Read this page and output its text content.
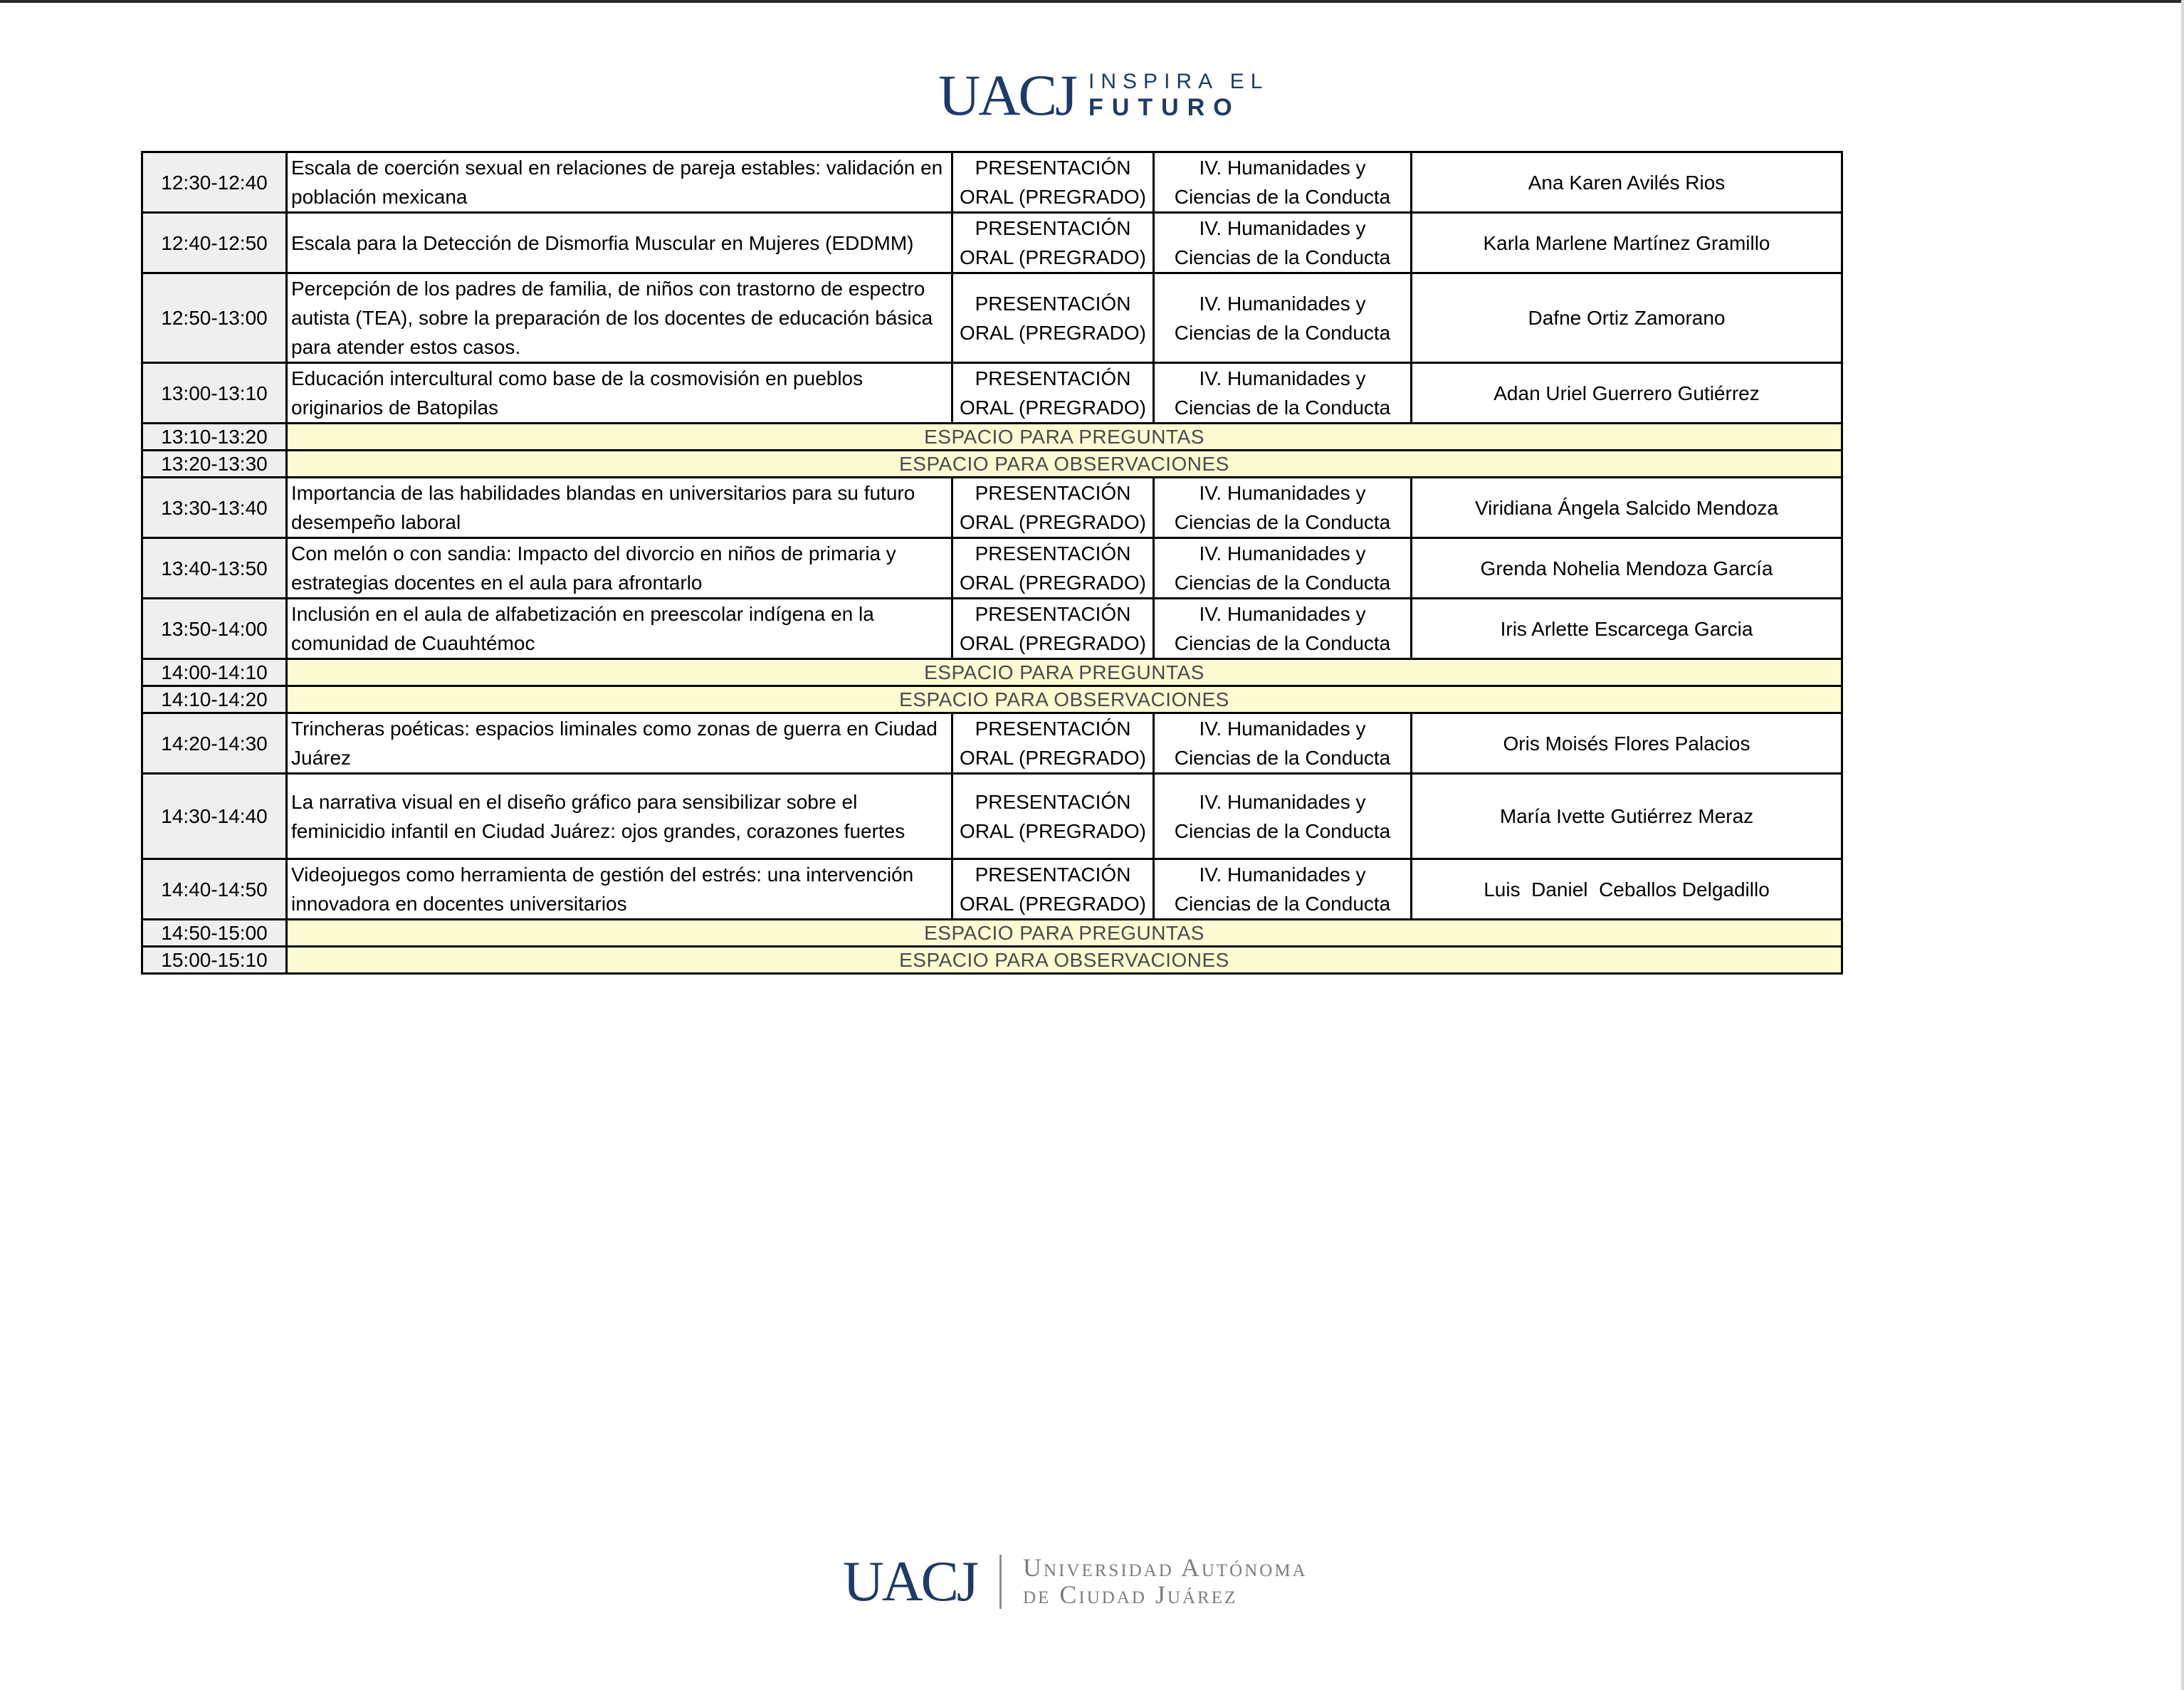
UACJ INSPIRA EL
FUTURO
12:30-12:40	Escala de coerción sexual en relaciones de pareja estables: validación en población mexicana	PRESENTACIÓN ORAL (PREGRADO)	IV. Humanidades y Ciencias de la Conducta	Ana Karen Avilés Rios
12:40-12:50	Escala para la Detección de Dismorfia Muscular en Mujeres (EDDMM)	PRESENTACIÓN ORAL (PREGRADO)	IV. Humanidades y Ciencias de la Conducta	Karla Marlene Martínez Gramillo
12:50-13:00	Percepción de los padres de familia, de niños con trastorno de espectro autista (TEA), sobre la preparación de los docentes de educación básica para atender estos casos.	PRESENTACIÓN ORAL (PREGRADO)	IV. Humanidades y Ciencias de la Conducta	Dafne Ortiz Zamorano
13:00-13:10	Educación intercultural como base de la cosmovisión en pueblos originarios de Batopilas	PRESENTACIÓN ORAL (PREGRADO)	IV. Humanidades y Ciencias de la Conducta	Adan Uriel Guerrero Gutiérrez
13:10-13:20	ESPACIO PARA PREGUNTAS			
13:20-13:30	ESPACIO PARA OBSERVACIONES			
13:30-13:40	Importancia de las habilidades blandas en universitarios para su futuro desempeño laboral	PRESENTACIÓN ORAL (PREGRADO)	IV. Humanidades y Ciencias de la Conducta	Viridiana Ángela Salcido Mendoza
13:40-13:50	Con melón o con sandia: Impacto del divorcio en niños de primaria y estrategias docentes en el aula para afrontarlo	PRESENTACIÓN ORAL (PREGRADO)	IV. Humanidades y Ciencias de la Conducta	Grenda Nohelia Mendoza García
13:50-14:00	Inclusión en el aula de alfabetización en preescolar indígena en la comunidad de Cuauhtémoc	PRESENTACIÓN ORAL (PREGRADO)	IV. Humanidades y Ciencias de la Conducta	Iris Arlette Escarcega Garcia
14:00-14:10	ESPACIO PARA PREGUNTAS			
14:10-14:20	ESPACIO PARA OBSERVACIONES			
14:20-14:30	Trincheras poéticas: espacios liminales como zonas de guerra en Ciudad Juárez	PRESENTACIÓN ORAL (PREGRADO)	IV. Humanidades y Ciencias de la Conducta	Oris Moisés Flores Palacios
14:30-14:40	La narrativa visual en el diseño gráfico para sensibilizar sobre el feminicidio infantil en Ciudad Juárez: ojos grandes, corazones fuertes	PRESENTACIÓN ORAL (PREGRADO)	IV. Humanidades y Ciencias de la Conducta	María Ivette Gutiérrez Meraz
14:40-14:50	Videojuegos como herramienta de gestión del estrés: una intervención innovadora en docentes universitarios	PRESENTACIÓN ORAL (PREGRADO)	IV. Humanidades y Ciencias de la Conducta	Luis  Daniel  Ceballos Delgadillo
14:50-15:00	ESPACIO PARA PREGUNTAS			
15:00-15:10	ESPACIO PARA OBSERVACIONES			
UACJ Universidad Autónoma
de Ciudad Juárez
